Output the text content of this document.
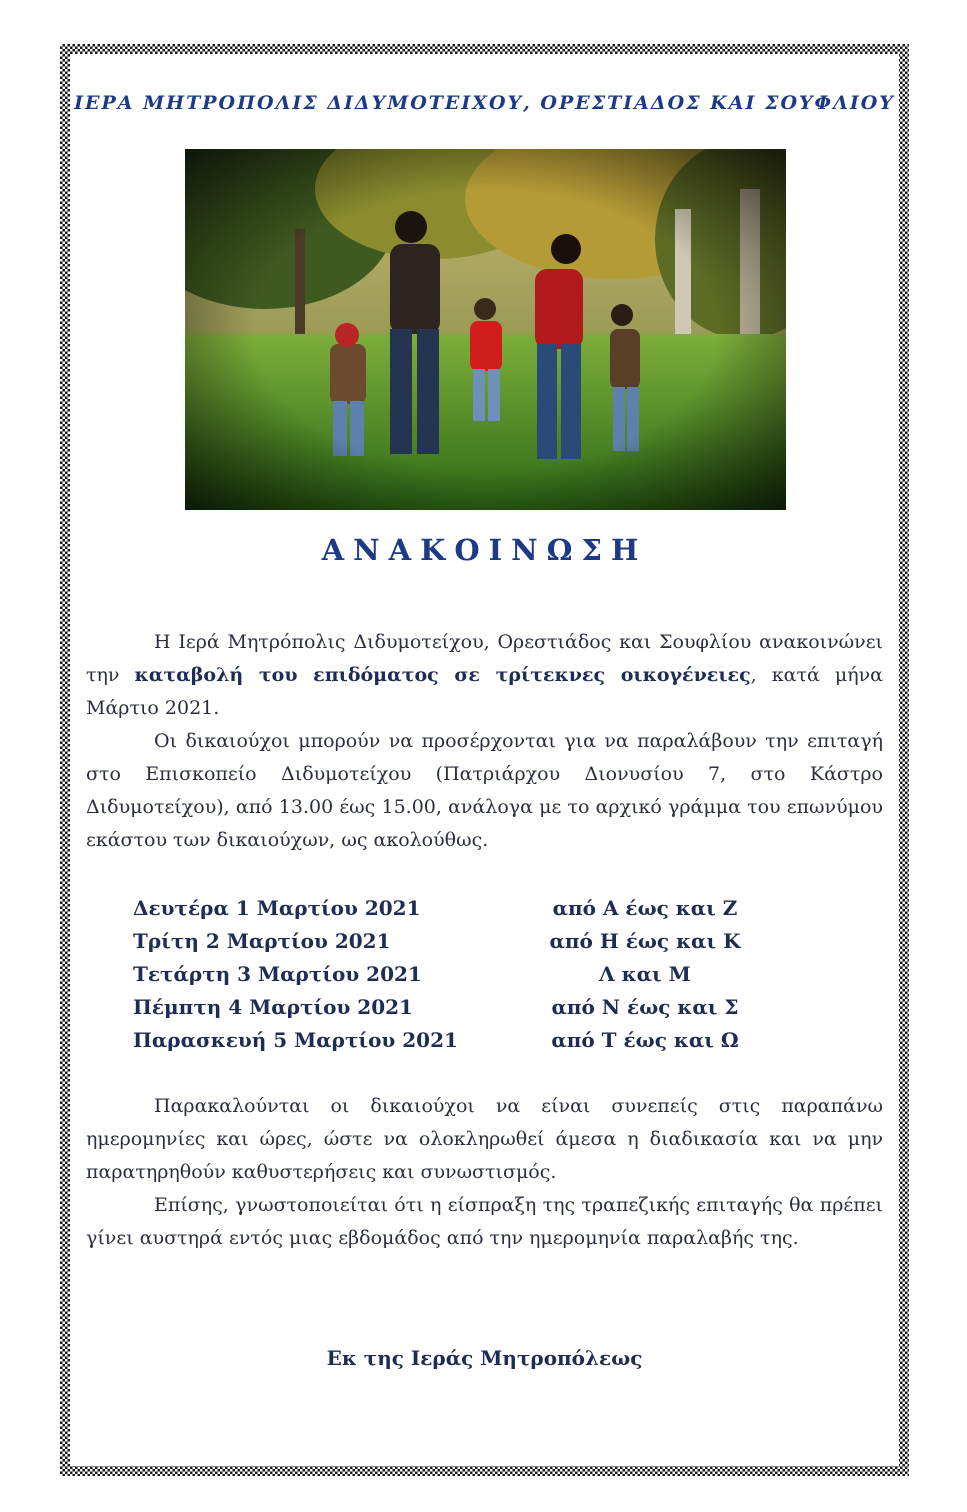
ΙΕΡΑ ΜΗΤΡΟΠΟΛΙΣ ΔΙΔΥΜΟΤΕΙΧΟΥ, ΟΡΕΣΤΙΑΔΟΣ ΚΑΙ ΣΟΥΦΛΙΟΥ
ΑΝΑΚΟΙΝΩΣΗ

Η Ιερά Μητρόπολις Διδυμοτείχου, Ορεστιάδος και Σουφλίου ανακοινώνει την καταβολή του επιδόματος σε τρίτεκνες οικογένειες, κατά μήνα Μάρτιο 2021.

Οι δικαιούχοι μπορούν να προσέρχονται για να παραλάβουν την επιταγή στο Επισκοπείο Διδυμοτείχου (Πατριάρχου Διονυσίου 7, στο Κάστρο Διδυμοτείχου), από 13.00 έως 15.00, ανάλογα με το αρχικό γράμμα του επωνύμου εκάστου των δικαιούχων, ως ακολούθως.

Δευτέρα 1 Μαρτίου 2021	από Α έως και Ζ
Τρίτη 2 Μαρτίου 2021	από Η έως και Κ
Τετάρτη 3 Μαρτίου 2021	Λ και Μ
Πέμπτη 4 Μαρτίου 2021	από Ν έως και Σ
Παρασκευή 5 Μαρτίου 2021	από Τ έως και Ω

Παρακαλούνται οι δικαιούχοι να είναι συνεπείς στις παραπάνω ημερομηνίες και ώρες, ώστε να ολοκληρωθεί άμεσα η διαδικασία και να μην παρατηρηθούν καθυστερήσεις και συνωστισμός.

Επίσης, γνωστοποιείται ότι η είσπραξη της τραπεζικής επιταγής θα πρέπει γίνει αυστηρά εντός μιας εβδομάδος από την ημερομηνία παραλαβής της.

Εκ της Ιεράς Μητροπόλεως
